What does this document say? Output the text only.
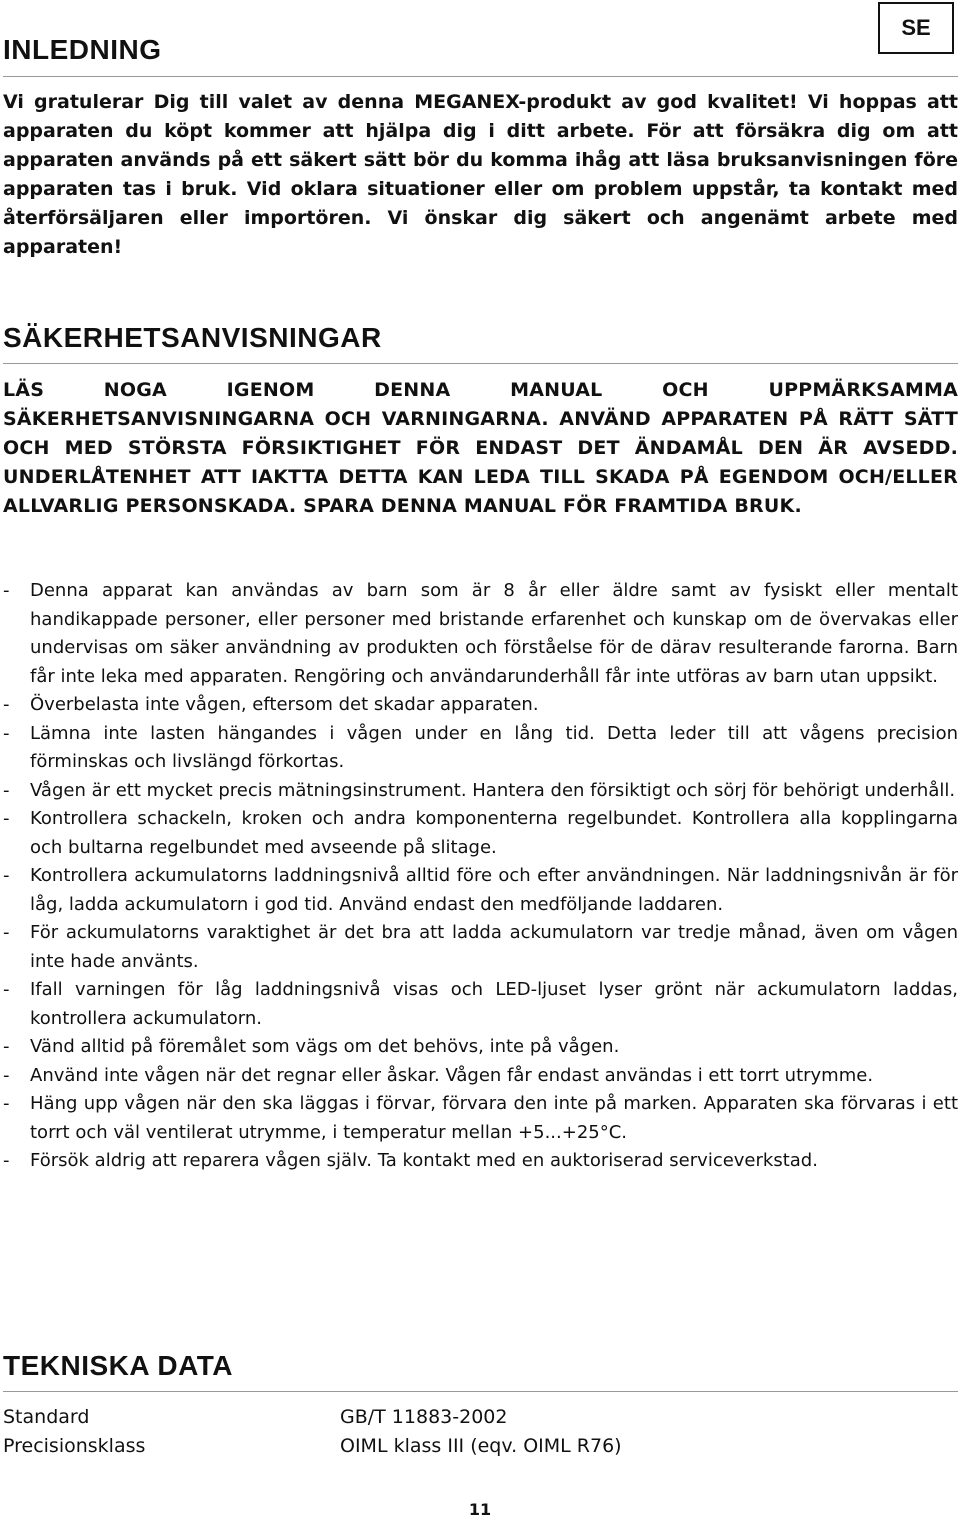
SE
INLEDNING

Vi gratulerar Dig till valet av denna MEGANEX-produkt av god kvalitet! Vi hoppas att apparaten du köpt kommer att hjälpa dig i ditt arbete. För att försäkra dig om att apparaten används på ett säkert sätt bör du komma ihåg att läsa bruksanvisningen före apparaten tas i bruk. Vid oklara situationer eller om problem uppstår, ta kontakt med återförsäljaren eller importören. Vi önskar dig säkert och angenämt arbete med apparaten!

SÄKERHETSANVISNINGAR

LÄS NOGA IGENOM DENNA MANUAL OCH UPPMÄRKSAMMA SÄKERHETSANVISNINGARNA OCH VARNINGARNA. ANVÄND APPARATEN PÅ RÄTT SÄTT OCH MED STÖRSTA FÖRSIKTIGHET FÖR ENDAST DET ÄNDAMÅL DEN ÄR AVSEDD. UNDERLÅTENHET ATT IAKTTA DETTA KAN LEDA TILL SKADA PÅ EGENDOM OCH/ELLER ALLVARLIG PERSONSKADA. SPARA DENNA MANUAL FÖR FRAMTIDA BRUK.

-	Denna apparat kan användas av barn som är 8 år eller äldre samt av fysiskt eller mentalt handikappade personer, eller personer med bristande erfarenhet och kunskap om de övervakas eller undervisas om säker användning av produkten och förståelse för de därav resulterande farorna. Barn får inte leka med apparaten. Rengöring och användarunderhåll får inte utföras av barn utan uppsikt.
-	Överbelasta inte vågen, eftersom det skadar apparaten.
-	Lämna inte lasten hängandes i vågen under en lång tid. Detta leder till att vågens precision förminskas och livslängd förkortas.
-	Vågen är ett mycket precis mätningsinstrument. Hantera den försiktigt och sörj för behörigt underhåll.
-	Kontrollera schackeln, kroken och andra komponenterna regelbundet. Kontrollera alla kopplingarna och bultarna regelbundet med avseende på slitage.
-	Kontrollera ackumulatorns laddningsnivå alltid före och efter användningen. När laddningsnivån är för låg, ladda ackumulatorn i god tid. Använd endast den medföljande laddaren.
-	För ackumulatorns varaktighet är det bra att ladda ackumulatorn var tredje månad, även om vågen inte hade använts.
-	Ifall varningen för låg laddningsnivå visas och LED-ljuset lyser grönt när ackumulatorn laddas, kontrollera ackumulatorn.
-	Vänd alltid på föremålet som vägs om det behövs, inte på vågen.
-	Använd inte vågen när det regnar eller åskar. Vågen får endast användas i ett torrt utrymme.
-	Häng upp vågen när den ska läggas i förvar, förvara den inte på marken. Apparaten ska förvaras i ett torrt och väl ventilerat utrymme, i temperatur mellan +5...+25°C.
-	Försök aldrig att reparera vågen själv. Ta kontakt med en auktoriserad serviceverkstad.
TEKNISKA DATA
Standard	GB/T 11883-2002
Precisionsklass	OIML klass III (eqv. OIML R76)
11
